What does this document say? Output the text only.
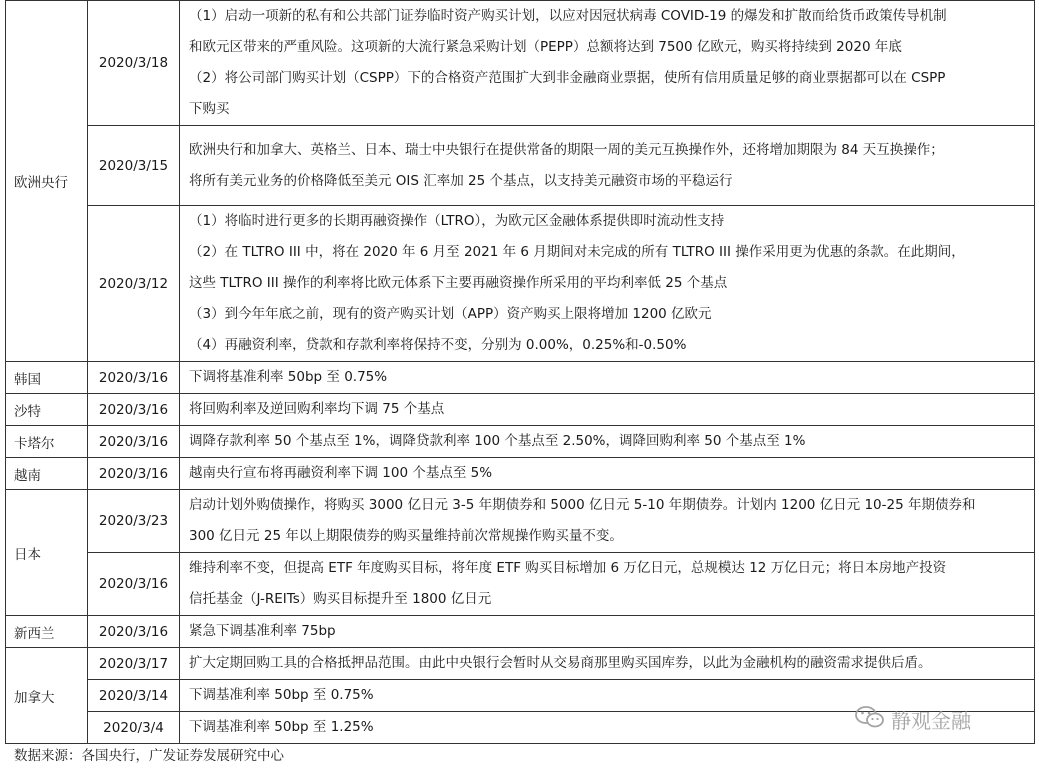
欧洲央行	2020/3/18	（1）启动一项新的私有和公共部门证券临时资产购买计划，以应对因冠状病毒 COVID-19 的爆发和扩散而给货币政策传导机制
和欧元区带来的严重风险。这项新的大流行紧急采购计划（PEPP）总额将达到 7500 亿欧元，购买将持续到 2020 年底
（2）将公司部门购买计划（CSPP）下的合格资产范围扩大到非金融商业票据，使所有信用质量足够的商业票据都可以在 CSPP
下购买

	2020/3/15	欧洲央行和加拿大、英格兰、日本、瑞士中央银行在提供常备的期限一周的美元互换操作外，还将增加期限为 84 天互换操作；
将所有美元业务的价格降低至美元 OIS 汇率加 25 个基点，以支持美元融资市场的平稳运行

	2020/3/12	（1）将临时进行更多的长期再融资操作（LTRO），为欧元区金融体系提供即时流动性支持
（2）在 TLTRO III 中，将在 2020 年 6 月至 2021 年 6 月期间对未完成的所有 TLTRO III 操作采用更为优惠的条款。在此期间，
这些 TLTRO III 操作的利率将比欧元体系下主要再融资操作所采用的平均利率低 25 个基点
（3）到今年年底之前，现有的资产购买计划（APP）资产购买上限将增加 1200 亿欧元
（4）再融资利率，贷款和存款利率将保持不变，分别为 0.00%，0.25%和-0.50%

韩国	2020/3/16	下调将基准利率 50bp 至 0.75%
沙特	2020/3/16	将回购利率及逆回购利率均下调 75 个基点
卡塔尔	2020/3/16	调降存款利率 50 个基点至 1%，调降贷款利率 100 个基点至 2.50%，调降回购利率 50 个基点至 1%
越南	2020/3/16	越南央行宣布将再融资利率下调 100 个基点至 5%
日本	2020/3/23	启动计划外购债操作，将购买 3000 亿日元 3-5 年期债券和 5000 亿日元 5-10 年期债券。计划内 1200 亿日元 10-25 年期债券和
300 亿日元 25 年以上期限债券的购买量维持前次常规操作购买量不变。

	2020/3/16	维持利率不变，但提高 ETF 年度购买目标，将年度 ETF 购买目标增加 6 万亿日元，总规模达 12 万亿日元；将日本房地产投资
信托基金（J-REITs）购买目标提升至 1800 亿日元

新西兰	2020/3/16	紧急下调基准利率 75bp
加拿大	2020/3/17	扩大定期回购工具的合格抵押品范围。由此中央银行会暂时从交易商那里购买国库券，以此为金融机构的融资需求提供后盾。

	2020/3/14	下调基准利率 50bp 至 0.75%
	2020/3/4	下调基准利率 50bp 至 1.25%	静观金融
数据来源：各国央行，广发证券发展研究中心
